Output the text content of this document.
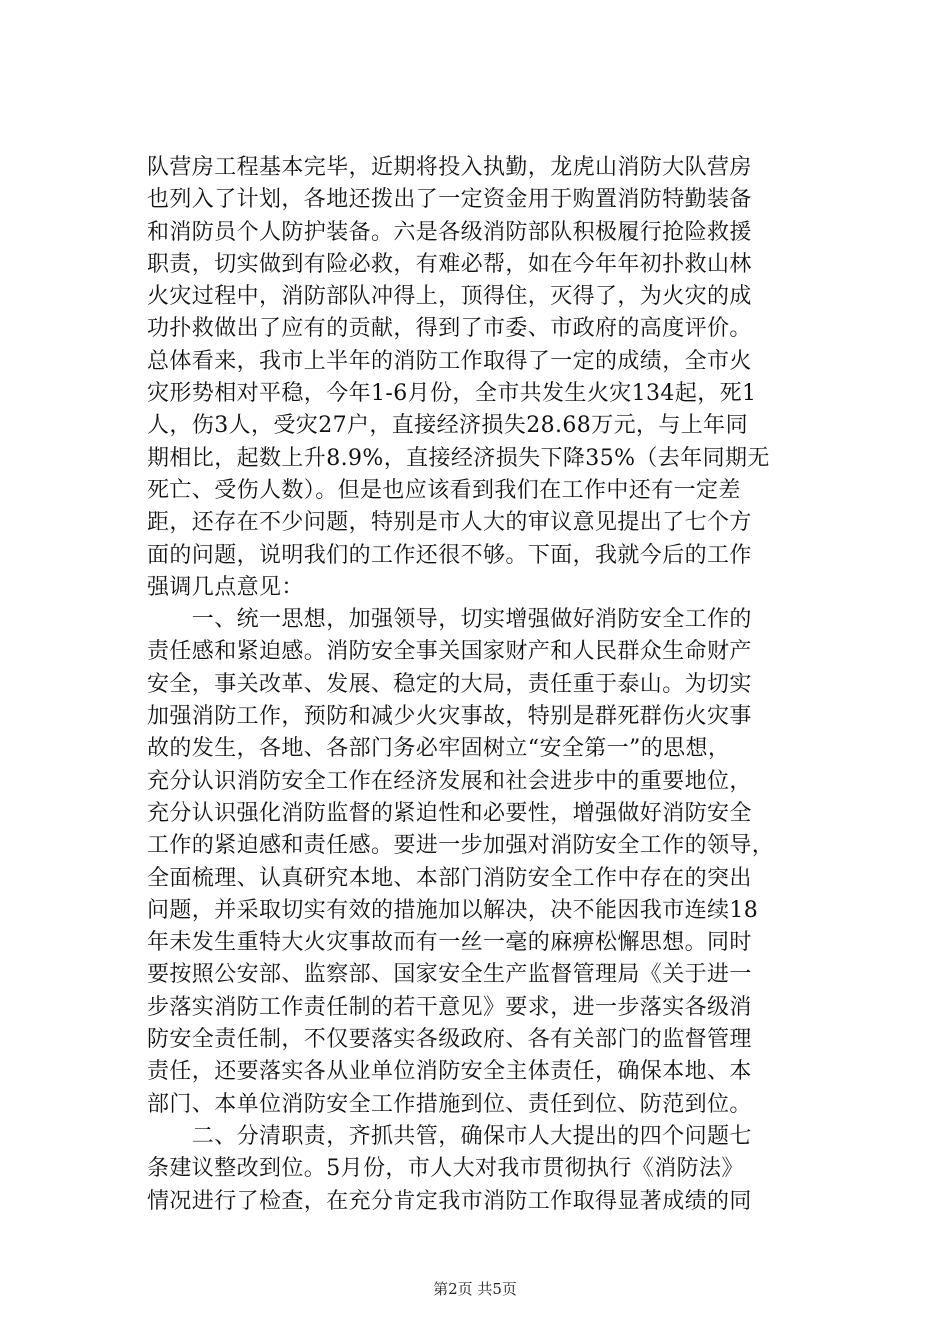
队营房工程基本完毕，近期将投入执勤，龙虎山消防大队营房
也列入了计划，各地还拨出了一定资金用于购置消防特勤装备
和消防员个人防护装备。六是各级消防部队积极履行抢险救援
职责，切实做到有险必救，有难必帮，如在今年年初扑救山林
火灾过程中，消防部队冲得上，顶得住，灭得了，为火灾的成
功扑救做出了应有的贡献，得到了市委、市政府的高度评价。
总体看来，我市上半年的消防工作取得了一定的成绩，全市火
灾形势相对平稳，今年1-6月份，全市共发生火灾134起，死1
人，伤3人，受灾27户，直接经济损失28.68万元，与上年同
期相比，起数上升8.9%，直接经济损失下降35%（去年同期无
死亡、受伤人数）。但是也应该看到我们在工作中还有一定差
距，还存在不少问题，特别是市人大的审议意见提出了七个方
面的问题，说明我们的工作还很不够。下面，我就今后的工作
强调几点意见：
　　一、统一思想，加强领导，切实增强做好消防安全工作的
责任感和紧迫感。消防安全事关国家财产和人民群众生命财产
安全，事关改革、发展、稳定的大局，责任重于泰山。为切实
加强消防工作，预防和减少火灾事故，特别是群死群伤火灾事
故的发生，各地、各部门务必牢固树立“安全第一”的思想，
充分认识消防安全工作在经济发展和社会进步中的重要地位，
充分认识强化消防监督的紧迫性和必要性，增强做好消防安全
工作的紧迫感和责任感。要进一步加强对消防安全工作的领导，
全面梳理、认真研究本地、本部门消防安全工作中存在的突出
问题，并采取切实有效的措施加以解决，决不能因我市连续18
年未发生重特大火灾事故而有一丝一毫的麻痹松懈思想。同时
要按照公安部、监察部、国家安全生产监督管理局《关于进一
步落实消防工作责任制的若干意见》要求，进一步落实各级消
防安全责任制，不仅要落实各级政府、各有关部门的监督管理
责任，还要落实各从业单位消防安全主体责任，确保本地、本
部门、本单位消防安全工作措施到位、责任到位、防范到位。
　　二、分清职责，齐抓共管，确保市人大提出的四个问题七
条建议整改到位。5月份，市人大对我市贯彻执行《消防法》
情况进行了检查，在充分肯定我市消防工作取得显著成绩的同
第2页 共5页
